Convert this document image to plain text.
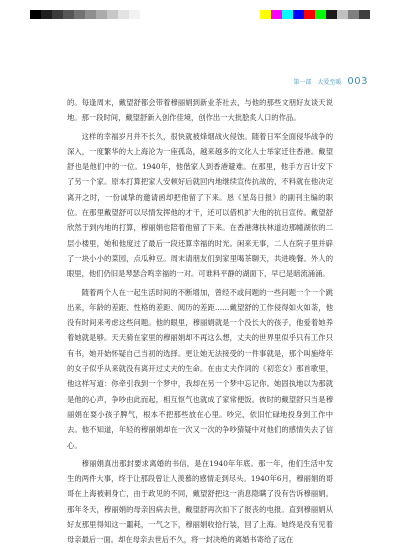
第一部　大爱至暖 003

的。每逢周末，戴望舒都会带着穆丽娟到新业茶社去，与他的那些文朋好友谈天说地。那一段时间，戴望舒新入创作佳境，创作出一大批脍炙人口的作品。

这样的幸福岁月并不长久，很快就被烽烟战火侵蚀。随着日军全面侵华战争的深入，一度繁华的大上海沦为一座孤岛，越来越多的文化人士举家迁往香港。戴望舒也是他们中的一位。1940年，他偕家人到香港避难。在那里，他手方百计安下了另一个家。原本打算把家人安顿好后就回内地继续宣传抗战的，不料就在他决定离开之时，一份诚挚的邀请函却把他留了下来。恳《星岛日报》的副刊主编的职位。在那里戴望舒可以尽情发挥他的才干，还可以借机扩大他的抗日宣传。戴望舒欣然于到内地的打算，穆丽娟也陪着他留了下来。在香港薄扶林道边那幢湖依的二层小楼里，她和他度过了最后一段还算幸福的时光。闲来无事，二人在院子里并辟了一块小小的菜园，点瓜种豆。周末请朋友们到家里喝茶聊天，共进晚餐。外人的眼里，他们仍旧是琴瑟合鸣幸福的一对。可谁料平静的湖面下，早已是暗流涌涌。

随着两个人在一起生活时间的不断增加，曾经不或问题的一些问题一个一个跳出来，年龄的差距、性格的差距、阅历的差距……戴望舒的工作侵得如火如荼，他没有时间来考虑这些问题。他的眼里，穆丽娟就是一个没长大的孩子，他爱着她养着她就是够。天天骑在家里的穆丽娟却不再这么想，丈夫的世界里似乎只有工作只有书，她开始怀疑自己当初的选择。更让她无法接受的一件事就是，那个叫施绛年的女子似乎从来就没有离开过丈夫的生命。在由丈夫作词的《初恋女》那首歌里，他这样写道：你牵引我到一个梦中，我却在另一个梦中忘记你。她固执地以为那就是他的心声，争吵由此而起，相互怄气也就成了家常便饭。彼时的戴望舒只当是穆丽娟在耍小孩子脾气，根本不把那些放在心里。吵完，依旧忙碌地投身到工作中去。他不知道，年轻的穆丽娟却在一次又一次的争吵猜疑中对他们的感情失去了信心。

穆丽娟真出那封要求离婚的书信，是在1940年年底。那一年，他们生活中发生的两件大事，终于让那段曾让人羡慕的感情走到尽头。1940年6月，穆丽娟的哥哥在上海被刺身亡，由于政见的不同，戴望舒把这一消息隐瞒了没有告诉穆丽娟。那年冬天，穆丽娟的母亲因病去世，戴望舒再次扣下了报丧的电报。直到穆丽娟从好友那里得知这一噩耗，一气之下，穆丽娟收拾行装，回了上海。她终是没有见着母亲最后一面。却在母亲去世后不久，将一封决绝的离婚书寄给了远在
